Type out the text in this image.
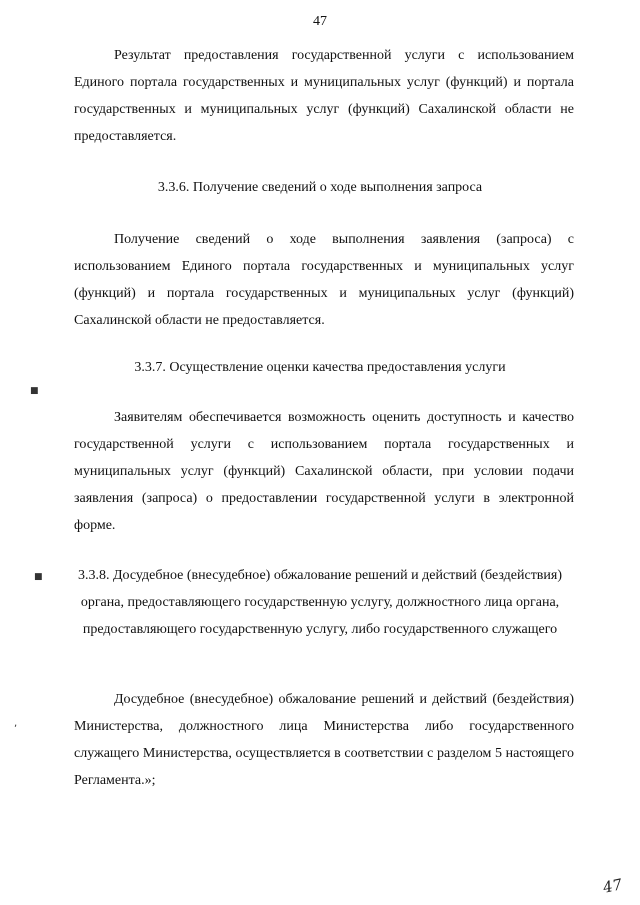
47

Результат предоставления государственной услуги с использованием Единого портала государственных и муниципальных услуг (функций) и портала государственных и муниципальных услуг (функций) Сахалинской области не предоставляется.

3.3.6. Получение сведений о ходе выполнения запроса

Получение сведений о ходе выполнения заявления (запроса) с использованием Единого портала государственных и муниципальных услуг (функций) и портала государственных и муниципальных услуг (функций) Сахалинской области не предоставляется.

3.3.7. Осуществление оценки качества предоставления услуги

Заявителям обеспечивается возможность оценить доступность и качество государственной услуги с использованием портала государственных и муниципальных услуг (функций) Сахалинской области, при условии подачи заявления (запроса) о предоставлении государственной услуги в электронной форме.

3.3.8. Досудебное (внесудебное) обжалование решений и действий (бездействия) органа, предоставляющего государственную услугу, должностного лица органа, предоставляющего государственную услугу, либо государственного служащего

Досудебное (внесудебное) обжалование решений и действий (бездействия) Министерства, должностного лица Министерства либо государственного служащего Министерства, осуществляется в соответствии с разделом 5 настоящего Регламента.»;

■
■
,
47
